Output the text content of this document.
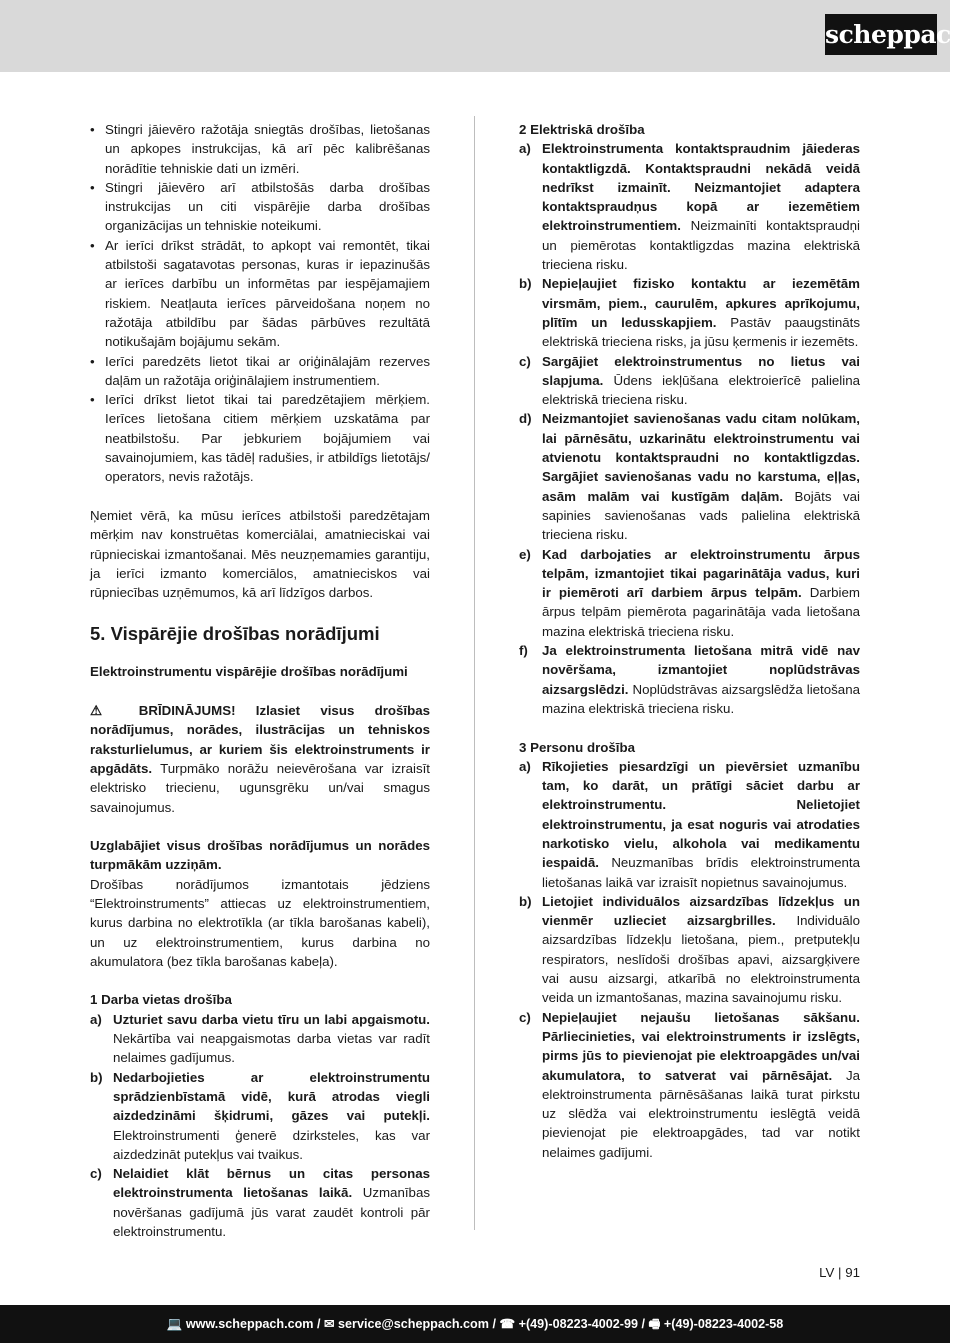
scheppach
• Stingri jāievēro ražotāja sniegtās drošības, lietošanas un apkopes instrukcijas, kā arī pēc kalibrēšanas norādītie tehniskie dati un izmēri.
• Stingri jāievēro arī atbilstošās darba drošības instrukcijas un citi vispārējie darba drošības organizācijas un tehniskie noteikumi.
• Ar ierīci drīkst strādāt, to apkopt vai remontēt, tikai atbilstoši sagatavotas personas, kuras ir iepazinušās ar ierīces darbību un informētas par iespējamajiem riskiem. Neatļauta ierīces pārveidošana noņem no ražotāja atbildību par šādas pārbūves rezultātā notikušajām bojājumu sekām.
• Ierīci paredzēts lietot tikai ar oriģinālajām rezerves daļām un ražotāja oriģinālajiem instrumentiem.
• Ierīci drīkst lietot tikai tai paredzētajiem mērķiem. Ierīces lietošana citiem mērķiem uzskatāma par neatbilstošu. Par jebkuriem bojājumiem vai savainojumiem, kas tādēļ radušies, ir atbildīgs lietotājs/ operators, nevis ražotājs.

Ņemiet vērā, ka mūsu ierīces atbilstoši paredzētajam mērķim nav konstruētas komerciālai, amatnieciskai vai rūpnieciskai izmantošanai. Mēs neuzņemamies garantiju, ja ierīci izmanto komerciālos, amatnieciskos vai rūpniecības uzņēmumos, kā arī līdzīgos darbos.

5. Vispārējie drošības norādījumi

Elektroinstrumentu vispārējie drošības norādījumi

⚠ BRĪDINĀJUMS! Izlasiet visus drošības norādījumus, norādes, ilustrācijas un tehniskos raksturlielumus, ar kuriem šis elektroinstruments ir apgādāts. Turpmāko norāžu neievērošana var izraisīt elektrisko triecienu, ugunsgrēku un/vai smagus savainojumus.

Uzglabājiet visus drošības norādījumus un norādes turpmākām uzziņām.

Drošības norādījumos izmantotais jēdziens “Elektroinstruments” attiecas uz elektroinstrumentiem, kurus darbina no elektrotīkla (ar tīkla barošanas kabeli), un uz elektroinstrumentiem, kurus darbina no akumulatora (bez tīkla barošanas kabeļa).

1 Darba vietas drošība

a) Uzturiet savu darba vietu tīru un labi apgaismotu. Nekārtība vai neapgaismotas darba vietas var radīt nelaimes gadījumus.
b) Nedarbojieties ar elektroinstrumentu sprādzienbīstamā vidē, kurā atrodas viegli aizdedzināmi šķidrumi, gāzes vai putekļi. Elektroinstrumenti ģenerē dzirksteles, kas var aizdedzināt putekļus vai tvaikus.
c) Nelaidiet klāt bērnus un citas personas elektroinstrumenta lietošanas laikā. Uzmanības novēršanas gadījumā jūs varat zaudēt kontroli pār elektroinstrumentu.

2 Elektriskā drošība

a) Elektroinstrumenta kontaktspraudnim jāiederas kontaktligzdā. Kontaktspraudni nekādā veidā nedrīkst izmainīt. Neizmantojiet adaptera kontaktspraudņus kopā ar iezemētiem elektroinstrumentiem. Neizmainīti kontaktspraudņi un piemērotas kontaktligzdas mazina elektriskā trieciena risku.
b) Nepieļaujiet fizisko kontaktu ar iezemētām virsmām, piem., caurulēm, apkures aprīkojumu, plītīm un ledusskapjiem. Pastāv paaugstināts elektriskā trieciena risks, ja jūsu ķermenis ir iezemēts.
c) Sargājiet elektroinstrumentus no lietus vai slapjuma. Ūdens iekļūšana elektroierīcē palielina elektriskā trieciena risku.
d) Neizmantojiet savienošanas vadu citam nolūkam, lai pārnēsātu, uzkarinātu elektroinstrumentu vai atvienotu kontaktspraudni no kontaktligzdas. Sargājiet savienošanas vadu no karstuma, eļļas, asām malām vai kustīgām daļām. Bojāts vai sapinies savienošanas vads palielina elektriskā trieciena risku.
e) Kad darbojaties ar elektroinstrumentu ārpus telpām, izmantojiet tikai pagarinātāja vadus, kuri ir piemēroti arī darbiem ārpus telpām. Darbiem ārpus telpām piemērota pagarinātāja vada lietošana mazina elektriskā trieciena risku.
f) Ja elektroinstrumenta lietošana mitrā vidē nav novēršama, izmantojiet noplūdstrāvas aizsargslēdzi. Noplūdstrāvas aizsargslēdža lietošana mazina elektriskā trieciena risku.

3 Personu drošība

a) Rīkojieties piesardzīgi un pievērsiet uzmanību tam, ko darāt, un prātīgi sāciet darbu ar elektroinstrumentu. Nelietojiet elektroinstrumentu, ja esat noguris vai atrodaties narkotisko vielu, alkohola vai medikamentu iespaidā. Neuzmanības brīdis elektroinstrumenta lietošanas laikā var izraisīt nopietnus savainojumus.
b) Lietojiet individuālos aizsardzības līdzekļus un vienmēr uzlieciet aizsargbrilles. Individuālo aizsardzības līdzekļu lietošana, piem., pretputekļu respirators, neslīdoši drošības apavi, aizsargķivere vai ausu aizsargi, atkarībā no elektroinstrumenta veida un izmantošanas, mazina savainojumu risku.
c) Nepieļaujiet nejaušu lietošanas sākšanu. Pārliecinieties, vai elektroinstruments ir izslēgts, pirms jūs to pievienojat pie elektroapgādes un/vai akumulatora, to satverat vai pārnēsājat. Ja elektroinstrumenta pārnēsāšanas laikā turat pirkstu uz slēdža vai elektroinstrumentu ieslēgtā veidā pievienojat pie elektroapgādes, tad var notikt nelaimes gadījumi.
LV | 91
💻 www.scheppach.com / ✉ service@scheppach.com / ☎ +(49)-08223-4002-99 / 🖷 +(49)-08223-4002-58
